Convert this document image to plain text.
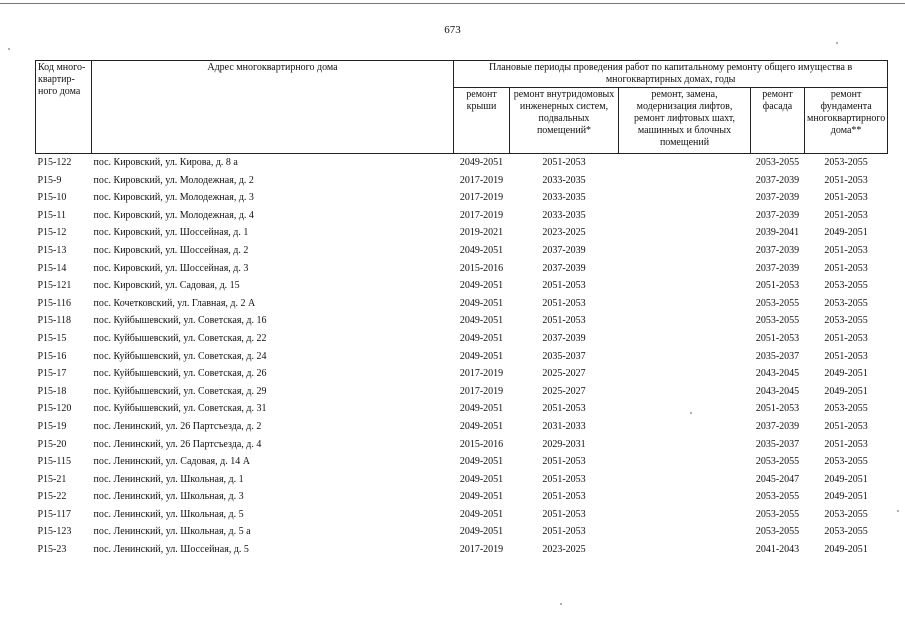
673
Код много-квартир-ного дома	Адрес многоквартирного дома	Плановые периоды проведения работ по капитальному ремонту общего имущества в многоквартирных домах, годы				
		ремонт крыши	ремонт внутридомовых инженерных систем, подвальных помещений*	ремонт, замена, модернизация лифтов, ремонт лифтовых шахт, машинных и блочных помещений	ремонт фасада	ремонт фундамента многоквартирного дома**
Р15-122	пос. Кировский, ул. Кирова, д. 8 а	2049-2051	2051-2053		2053-2055	2053-2055
Р15-9	пос. Кировский, ул. Молодежная, д. 2	2017-2019	2033-2035		2037-2039	2051-2053
Р15-10	пос. Кировский, ул. Молодежная, д. 3	2017-2019	2033-2035		2037-2039	2051-2053
Р15-11	пос. Кировский, ул. Молодежная, д. 4	2017-2019	2033-2035		2037-2039	2051-2053
Р15-12	пос. Кировский, ул. Шоссейная, д. 1	2019-2021	2023-2025		2039-2041	2049-2051
Р15-13	пос. Кировский, ул. Шоссейная, д. 2	2049-2051	2037-2039		2037-2039	2051-2053
Р15-14	пос. Кировский, ул. Шоссейная, д. 3	2015-2016	2037-2039		2037-2039	2051-2053
Р15-121	пос. Кировский, ул. Садовая, д. 15	2049-2051	2051-2053		2051-2053	2053-2055
Р15-116	пос. Кочетковский, ул. Главная, д. 2 А	2049-2051	2051-2053		2053-2055	2053-2055
Р15-118	пос. Куйбышевский, ул. Советская, д. 16	2049-2051	2051-2053		2053-2055	2053-2055
Р15-15	пос. Куйбышевский, ул. Советская, д. 22	2049-2051	2037-2039		2051-2053	2051-2053
Р15-16	пос. Куйбышевский, ул. Советская, д. 24	2049-2051	2035-2037		2035-2037	2051-2053
Р15-17	пос. Куйбышевский, ул. Советская, д. 26	2017-2019	2025-2027		2043-2045	2049-2051
Р15-18	пос. Куйбышевский, ул. Советская, д. 29	2017-2019	2025-2027		2043-2045	2049-2051
Р15-120	пос. Куйбышевский, ул. Советская, д. 31	2049-2051	2051-2053		2051-2053	2053-2055
Р15-19	пос. Ленинский, ул. 26 Партсъезда, д. 2	2049-2051	2031-2033		2037-2039	2051-2053
Р15-20	пос. Ленинский, ул. 26 Партсъезда, д. 4	2015-2016	2029-2031		2035-2037	2051-2053
Р15-115	пос. Ленинский, ул. Садовая, д. 14 А	2049-2051	2051-2053		2053-2055	2053-2055
Р15-21	пос. Ленинский, ул. Школьная, д. 1	2049-2051	2051-2053		2045-2047	2049-2051
Р15-22	пос. Ленинский, ул. Школьная, д. 3	2049-2051	2051-2053		2053-2055	2049-2051
Р15-117	пос. Ленинский, ул. Школьная, д. 5	2049-2051	2051-2053		2053-2055	2053-2055
Р15-123	пос. Ленинский, ул. Школьная, д. 5 а	2049-2051	2051-2053		2053-2055	2053-2055
Р15-23	пос. Ленинский, ул. Шоссейная, д. 5	2017-2019	2023-2025		2041-2043	2049-2051
